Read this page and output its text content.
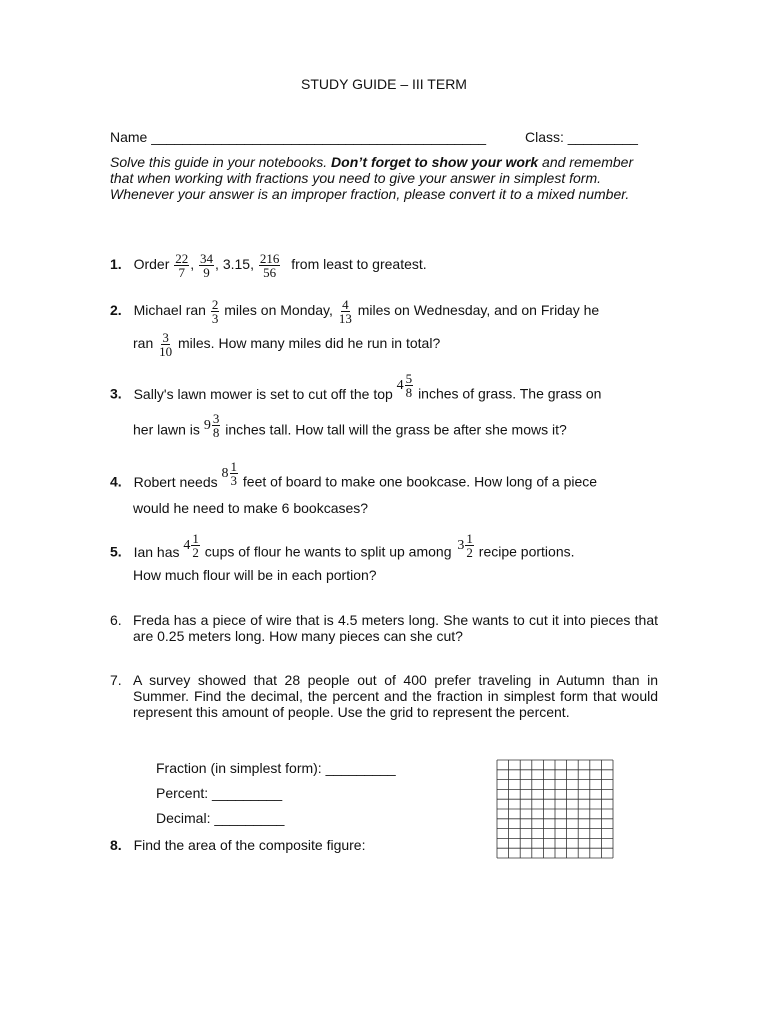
STUDY GUIDE – III TERM
Name ___________________________________________	Class: _________
Solve this guide in your notebooks. Don’t forget to show your work and remember that when working with fractions you need to give your answer in simplest form. Whenever your answer is an improper fraction, please convert it to a mixed number.
1. Order $\frac{22}{7}$ , $\frac{34}{9}$ , 3.15, $\frac{216}{56}$ from least to greatest.
2. Michael ran $\frac{2}{3}$ miles on Monday, $\frac{4}{13}$ miles on Wednesday, and on Friday he
ran $\frac{3}{10}$ miles. How many miles did he run in total?
3. Sally's lawn mower is set to cut off the top
$4 \frac{5}{8}$ inches of grass. The grass on
her lawn is $9 \frac{3}{8}$ inches tall. How tall will the grass be after she mows it?
4. Robert needs
$8 \frac{1}{3}$ feet of board to make one bookcase. How long of a piece
would he need to make 6 bookcases?
5. Ian has $4 \frac{1}{2}$ cups of flour he wants to split up among $3 \frac{1}{2}$ recipe portions.
How much flour will be in each portion?
6. Freda has a piece of wire that is 4.5 meters long. She wants to cut it into pieces that are 0.25 meters long. How many pieces can she cut?
7. A survey showed that 28 people out of 400 prefer traveling in Autumn than in Summer. Find the decimal, the percent and the fraction in simplest form that would represent this amount of people. Use the grid to represent the percent.
Fraction (in simplest form): _________
Percent: _________
Decimal: _________
8. Find the area of the composite figure:
